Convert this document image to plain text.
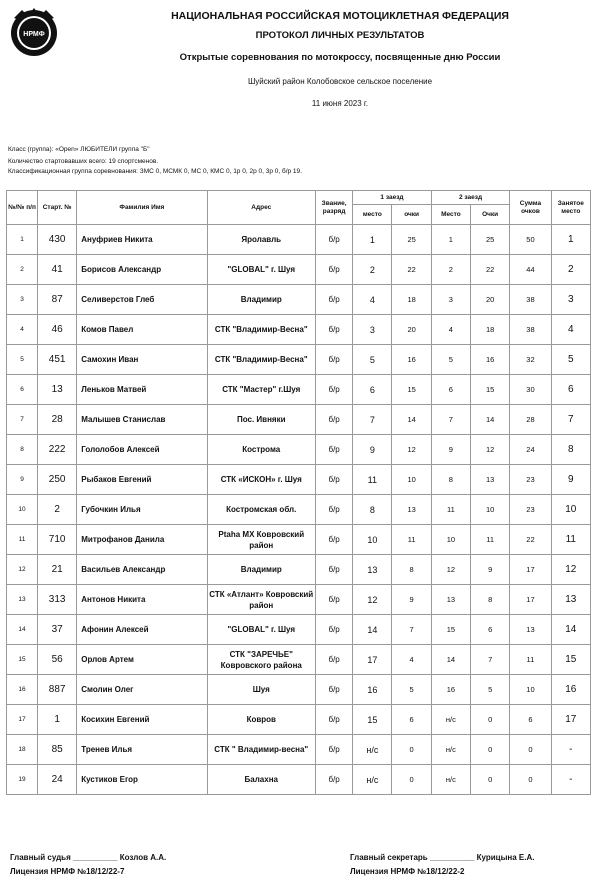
НРМФ
НАЦИОНАЛЬНАЯ РОССИЙСКАЯ МОТОЦИКЛЕТНАЯ ФЕДЕРАЦИЯ
ПРОТОКОЛ ЛИЧНЫХ РЕЗУЛЬТАТОВ
Открытые соревнования по мотокроссу, посвященные дню России
Шуйский район Колобовское сельское поселение
11 июня 2023 г.
Класс (группа): «Open» ЛЮБИТЕЛИ группа "Б"
Количество стартовавших всего: 19 спортсменов.
Классификационная группа соревнования: ЗМС 0, МСМК 0, МС 0, КМС 0, 1р 0, 2р 0, 3р 0, б/р 19.
№/№ п/п	Старт. №	Фамилия Имя	Адрес	Звание, разряд	1 заезд		2 заезд		Сумма очков	Занятое место
					место	очки	Место	Очки		
1	430	Ануфриев Никита	Яролавль	б/р	1	25	1	25	50	1
2	41	Борисов Александр	"GLOBAL" г. Шуя	б/р	2	22	2	22	44	2
3	87	Селиверстов Глеб	Владимир	б/р	4	18	3	20	38	3
4	46	Комов Павел	СТК "Владимир-Весна"	б/р	3	20	4	18	38	4
5	451	Самохин Иван	СТК "Владимир-Весна"	б/р	5	16	5	16	32	5
6	13	Леньков Матвей	СТК "Мастер" г.Шуя	б/р	6	15	6	15	30	6
7	28	Малышев Станислав	Пос. Ивняки	б/р	7	14	7	14	28	7
8	222	Гололобов Алексей	Кострома	б/р	9	12	9	12	24	8
9	250	Рыбаков Евгений	СТК «ИСКОН» г. Шуя	б/р	11	10	8	13	23	9
10	2	Губочкин Илья	Костромская обл.	б/р	8	13	11	10	23	10
11	710	Митрофанов Данила	Ptaha MX Ковровский район	б/р	10	11	10	11	22	11
12	21	Васильев Александр	Владимир	б/р	13	8	12	9	17	12
13	313	Антонов Никита	СТК «Атлант» Ковровский район	б/р	12	9	13	8	17	13
14	37	Афонин Алексей	"GLOBAL" г. Шуя	б/р	14	7	15	6	13	14
15	56	Орлов Артем	СТК "ЗАРЕЧЬЕ" Ковровского района	б/р	17	4	14	7	11	15
16	887	Смолин Олег	Шуя	б/р	16	5	16	5	10	16
17	1	Косихин Евгений	Ковров	б/р	15	6	н/с	0	6	17
18	85	Тренев Илья	СТК " Владимир-весна"	б/р	н/с	0	н/с	0	0	-
19	24	Кустиков Егор	Балахна	б/р	н/с	0	н/с	0	0	-
Главный судья __________ Козлов А.А.
Лицензия НРМФ №18/12/22-7
Главный секретарь __________ Курицына Е.А.
Лицензия НРМФ №18/12/22-2
